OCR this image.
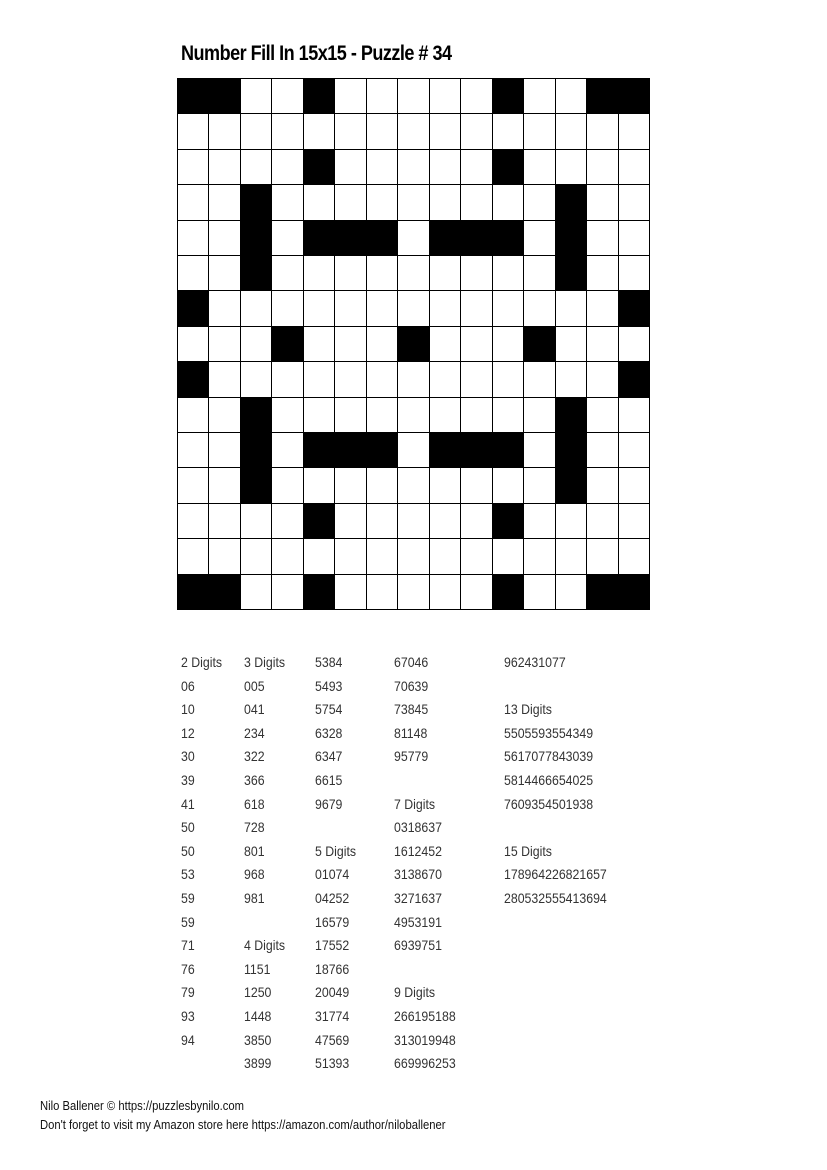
Number Fill In 15x15 - Puzzle # 34
2 Digits
06
10
12
30
39
41
50
50
53
59
59
71
76
79
93
94
3 Digits
005
041
234
322
366
618
728
801
968
981
4 Digits
1151
1250
1448
3850
3899
5384
5493
5754
6328
6347
6615
9679
5 Digits
01074
04252
16579
17552
18766
20049
31774
47569
51393
67046
70639
73845
81148
95779
7 Digits
0318637
1612452
3138670
3271637
4953191
6939751
9 Digits
266195188
313019948
669996253
962431077
13 Digits
5505593554349
5617077843039
5814466654025
7609354501938
15 Digits
178964226821657
280532555413694
Nilo Ballener © https://puzzlesbynilo.com
Don't forget to visit my Amazon store here https://amazon.com/author/niloballener
